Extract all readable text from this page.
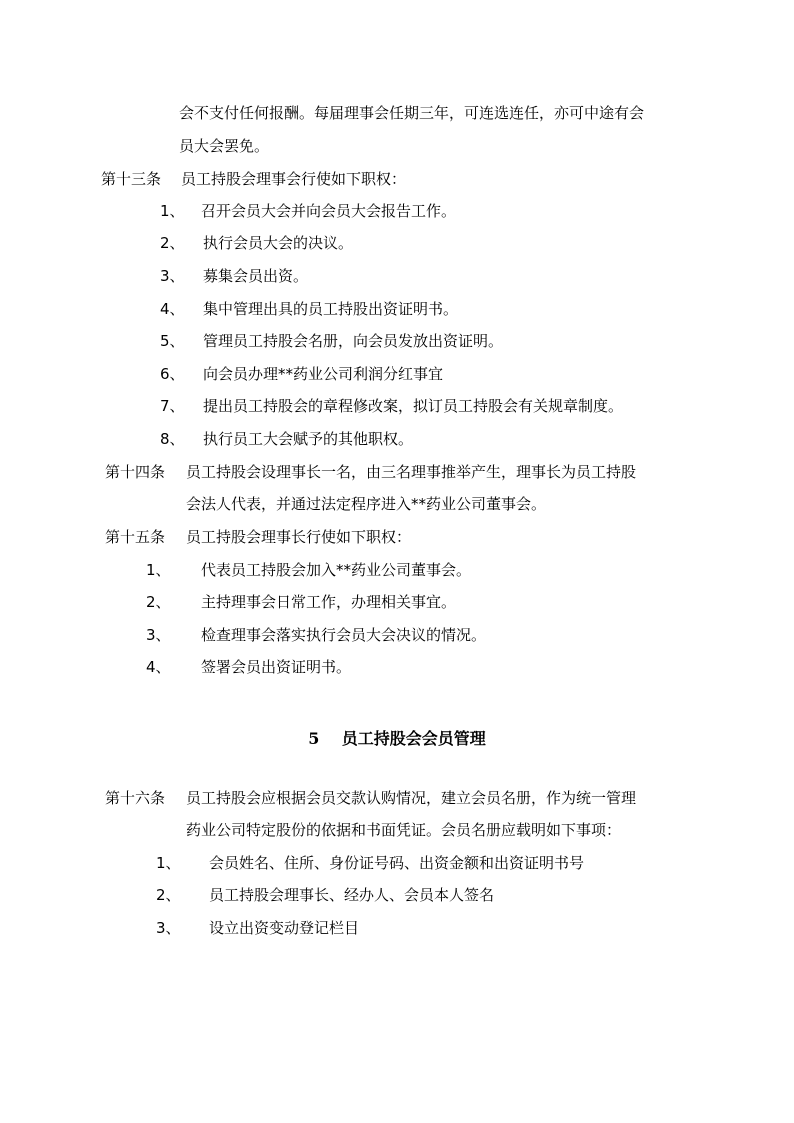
会不支付任何报酬。每届理事会任期三年，可连选连任，亦可中途有会
员大会罢免。
第十三条 员工持股会理事会行使如下职权：
1、 召开会员大会并向会员大会报告工作。
2、 执行会员大会的决议。
3、 募集会员出资。
4、 集中管理出具的员工持股出资证明书。
5、 管理员工持股会名册，向会员发放出资证明。
6、 向会员办理**药业公司利润分红事宜
7、 提出员工持股会的章程修改案，拟订员工持股会有关规章制度。
8、 执行员工大会赋予的其他职权。
第十四条 员工持股会设理事长一名，由三名理事推举产生，理事长为员工持股
会法人代表，并通过法定程序进入**药业公司董事会。
第十五条 员工持股会理事长行使如下职权：
1、 代表员工持股会加入**药业公司董事会。
2、 主持理事会日常工作，办理相关事宜。
3、 检查理事会落实执行会员大会决议的情况。
4、 签署会员出资证明书。
5 员工持股会会员管理
第十六条 员工持股会应根据会员交款认购情况，建立会员名册，作为统一管理
药业公司特定股份的依据和书面凭证。会员名册应载明如下事项：
1、 会员姓名、住所、身份证号码、出资金额和出资证明书号
2、 员工持股会理事长、经办人、会员本人签名
3、 设立出资变动登记栏目
